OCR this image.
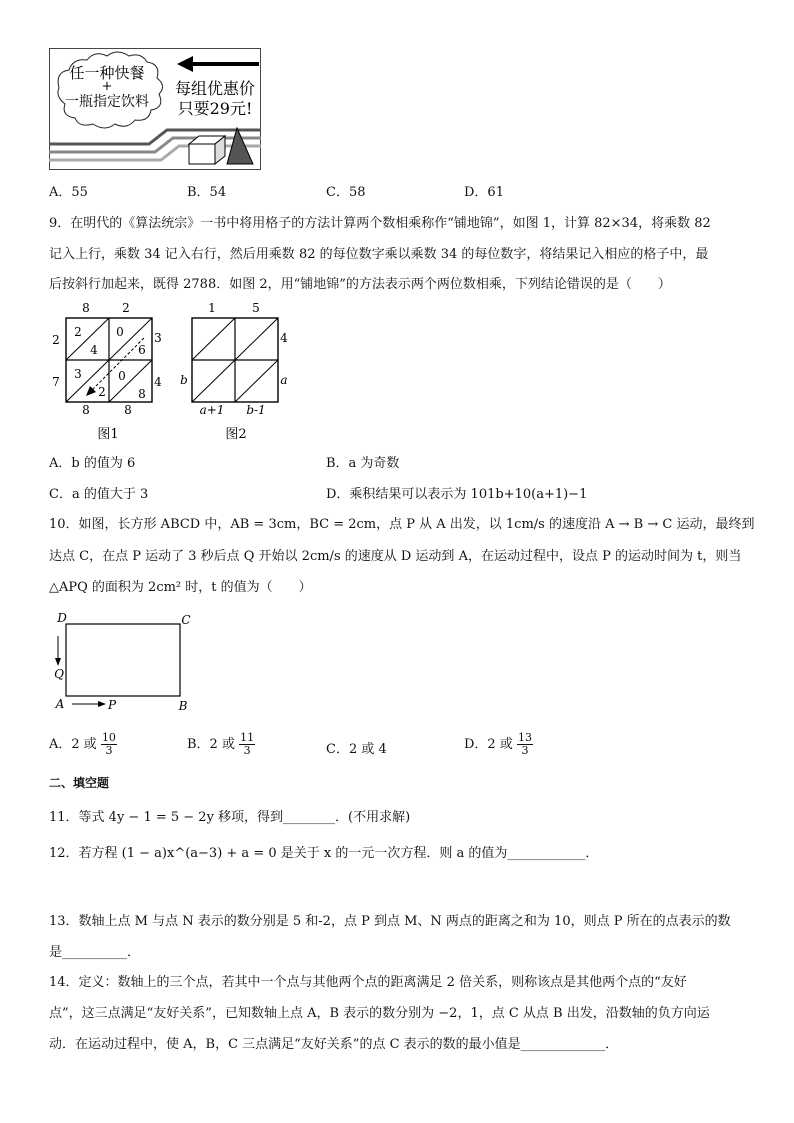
任一种快餐
+
一瓶指定饮料
每组优惠价
只要29元!
A．55	B．54	C．58	D．61
9．在明代的《算法统宗》一书中将用格子的方法计算两个数相乘称作“铺地锦”，如图 1，计算 82×34，将乘数 82
记入上行，乘数 34 记入右行，然后用乘数 82 的每位数字乘以乘数 34 的每位数字，将结果记入相应的格子中，最
后按斜行加起来，既得 2788．如图 2，用“铺地锦”的方法表示两个两位数相乘，下列结论错误的是（　　）
8	2
2
4
0
6
3
2
0
8
3
4
2
7
8	8
图1
1	5
4
a
b
a+1 b-1
图2
A．b 的值为 6	B．a 为奇数
C．a 的值大于 3	D．乘积结果可以表示为 101b+10(a+1)−1
10．如图，长方形 ABCD 中，AB = 3cm，BC = 2cm，点 P 从 A 出发，以 1cm/s 的速度沿 A → B → C 运动，最终到
达点 C，在点 P 运动了 3 秒后点 Q 开始以 2cm/s 的速度从 D 运动到 A，在运动过程中，设点 P 的运动时间为 t，则当
△APQ 的面积为 2cm² 时，t 的值为（　　）
D	C
Q
A	P	B
A．2 或 $\frac{10}{3}$	B．2 或 $\frac{11}{3}$	C．2 或 4	D．2 或 $\frac{13}{3}$
二、填空题
11．等式 4y − 1 = 5 − 2y 移项，得到________．(不用求解)
12．若方程 (1 − a)x^(a−3) + a = 0 是关于 x 的一元一次方程．则 a 的值为____________．
13．数轴上点 M 与点 N 表示的数分别是 5 和-2，点 P 到点 M、N 两点的距离之和为 10，则点 P 所在的点表示的数
是__________．
14．定义：数轴上的三个点，若其中一个点与其他两个点的距离满足 2 倍关系，则称该点是其他两个点的“友好
点”，这三点满足“友好关系”，已知数轴上点 A，B 表示的数分别为 −2，1，点 C 从点 B 出发，沿数轴的负方向运
动．在运动过程中，使 A，B，C 三点满足“友好关系”的点 C 表示的数的最小值是_____________．
